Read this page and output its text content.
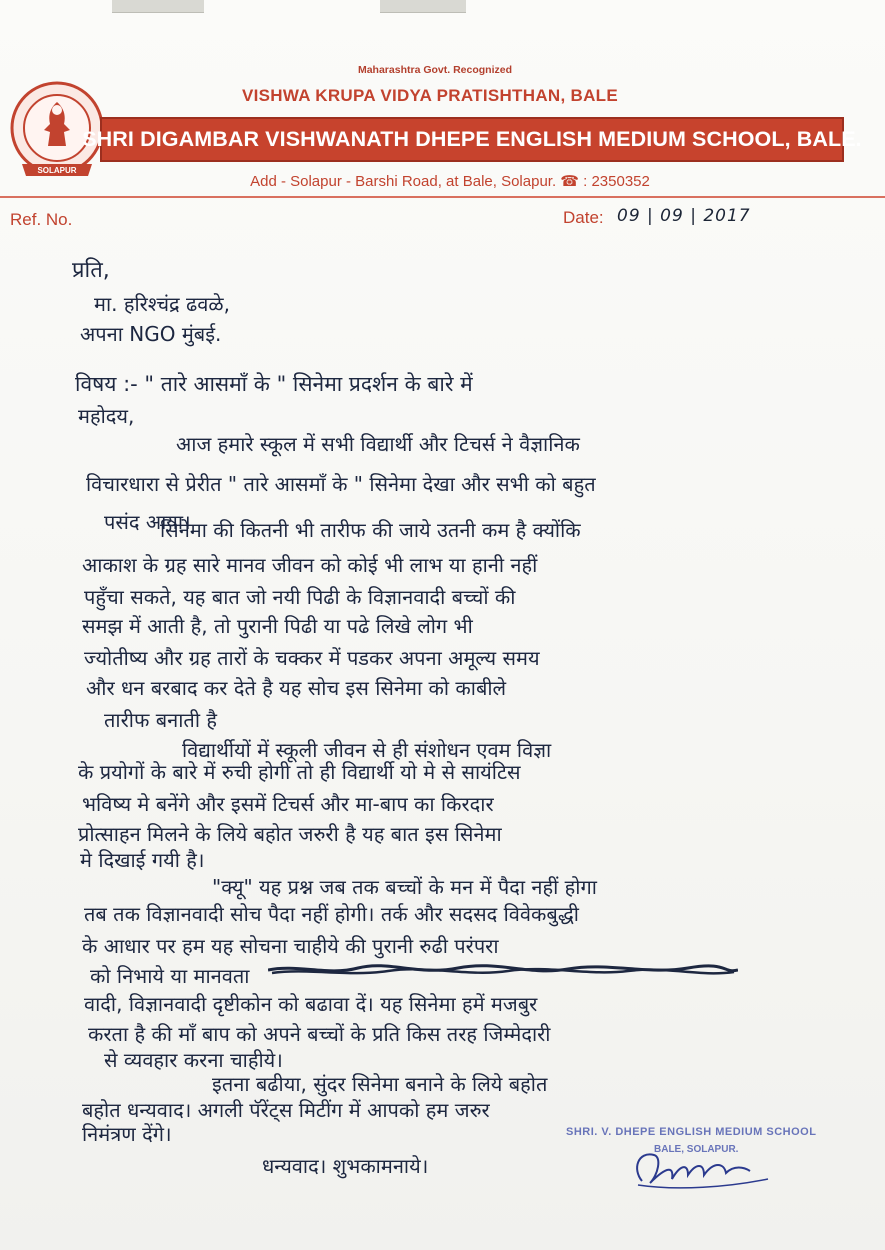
SOLAPUR
Maharashtra Govt. Recognized
VISHWA KRUPA VIDYA PRATISHTHAN, BALE
SHRI DIGAMBAR VISHWANATH DHEPE ENGLISH MEDIUM SCHOOL, BALE.
Add - Solapur - Barshi Road, at Bale, Solapur. ☎ : 2350352
Ref. No.	Date: 09 | 09 | 2017
प्रति,
मा. हरिश्चंद्र ढवळे,
अपना NGO मुंबई.
विषय :- " तारे आसमाँ के " सिनेमा प्रदर्शन के बारे में
महोदय,
आज हमारे स्कूल में सभी विद्यार्थी और टिचर्स ने वैज्ञानिक
विचारधारा से प्रेरीत " तारे आसमाँ के " सिनेमा देखा और सभी को बहुत
पसंद आया।
सिनेमा की कितनी भी तारीफ की जाये उतनी कम है क्योंकि
आकाश के ग्रह सारे मानव जीवन को कोई भी लाभ या हानी नहीं
पहुँचा सकते, यह बात जो नयी पिढी के विज्ञानवादी बच्चों की
समझ में आती है, तो पुरानी पिढी या पढे लिखे लोग भी
ज्योतीष्य और ग्रह तारों के चक्कर में पडकर अपना अमूल्य समय
और धन बरबाद कर देते है यह सोच इस सिनेमा को काबीले
तारीफ बनाती है
विद्यार्थीयों में स्कूली जीवन से ही संशोधन एवम विज्ञा
के प्रयोगों के बारे में रुची होगी तो ही विद्यार्थी यो मे से सायंटिस
भविष्य मे बनेंगे और इसमें टिचर्स और मा-बाप का किरदार
प्रोत्साहन मिलने के लिये बहोत जरुरी है यह बात इस सिनेमा
मे दिखाई गयी है।
"क्यू" यह प्रश्न जब तक बच्चों के मन में पैदा नहीं होगा
तब तक विज्ञानवादी सोच पैदा नहीं होगी। तर्क और सदसद विवेकबुद्धी
के आधार पर हम यह सोचना चाहीये की पुरानी रुढी परंपरा
को निभाये या मानवता
वादी, विज्ञानवादी दृष्टीकोन को बढावा दें। यह सिनेमा हमें मजबुर
करता है की माँ बाप को अपने बच्चों के प्रति किस तरह जिम्मेदारी
से व्यवहार करना चाहीये।
इतना बढीया, सुंदर सिनेमा बनाने के लिये बहोत
बहोत धन्यवाद। अगली पॅरेंट्स मिटींग में आपको हम जरुर
निमंत्रण देंगे।
धन्यवाद। शुभकामनाये।
SHRI. V. DHEPE ENGLISH MEDIUM SCHOOL
BALE, SOLAPUR.
